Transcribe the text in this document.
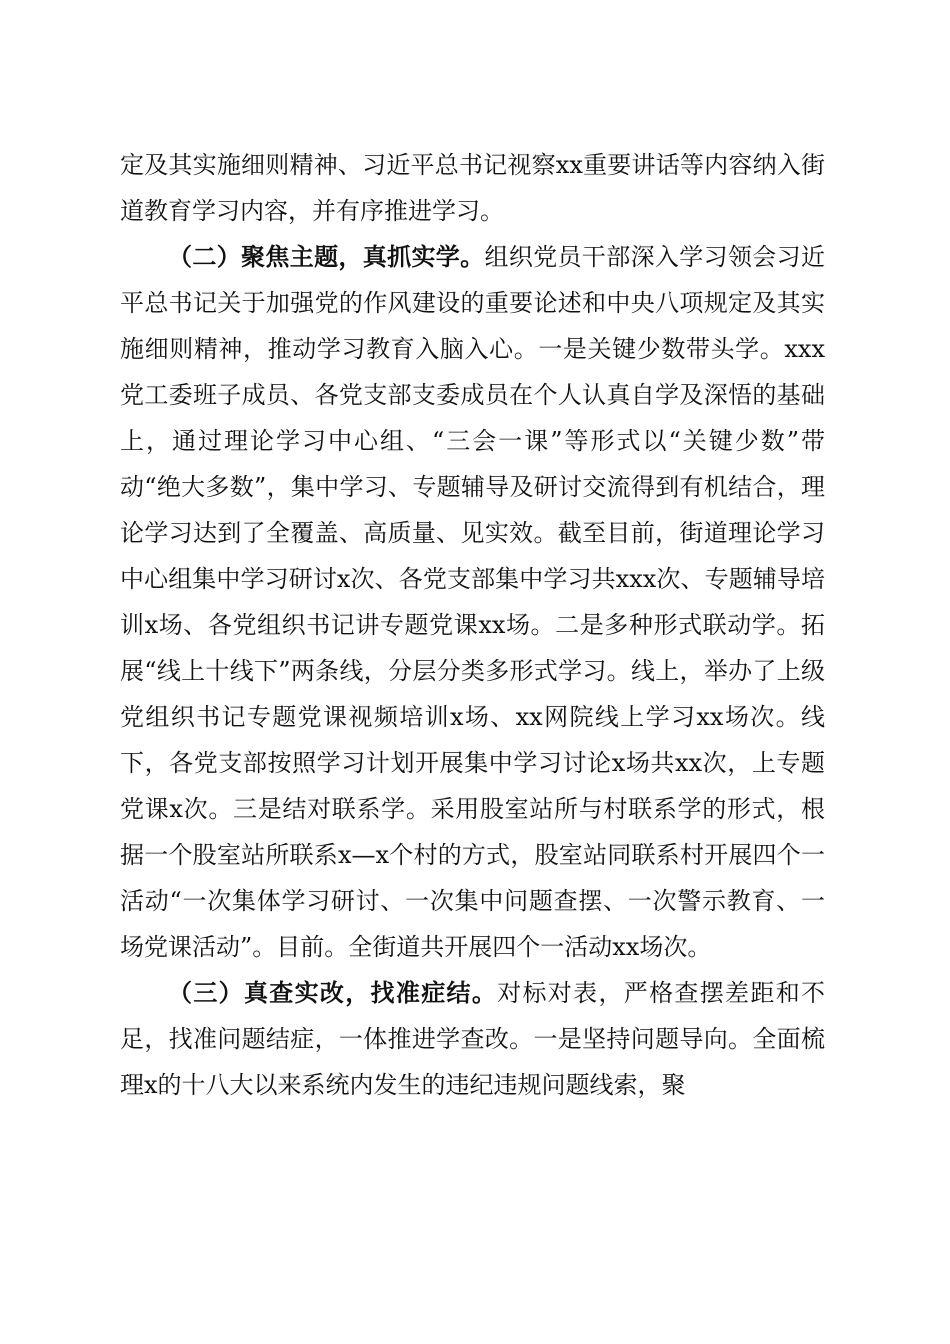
定及其实施细则精神、习近平总书记视察xx重要讲话等内容纳入街道教育学习内容，并有序推进学习。

（二）聚焦主题，真抓实学。组织党员干部深入学习领会习近平总书记关于加强党的作风建设的重要论述和中央八项规定及其实施细则精神，推动学习教育入脑入心。一是关键少数带头学。xxx党工委班子成员、各党支部支委成员在个人认真自学及深悟的基础上，通过理论学习中心组、“三会一课”等形式以“关键少数”带动“绝大多数”，集中学习、专题辅导及研讨交流得到有机结合，理论学习达到了全覆盖、高质量、见实效。截至目前，街道理论学习中心组集中学习研讨x次、各党支部集中学习共xxx次、专题辅导培训x场、各党组织书记讲专题党课xx场。二是多种形式联动学。拓展“线上十线下”两条线，分层分类多形式学习。线上，举办了上级党组织书记专题党课视频培训x场、xx网院线上学习xx场次。线下，各党支部按照学习计划开展集中学习讨论x场共xx次，上专题党课x次。三是结对联系学。采用股室站所与村联系学的形式，根据一个股室站所联系x—x个村的方式，股室站同联系村开展四个一活动“一次集体学习研讨、一次集中问题查摆、一次警示教育、一场党课活动”。目前。全街道共开展四个一活动xx场次。

（三）真查实改，找准症结。对标对表，严格查摆差距和不足，找准问题结症，一体推进学查改。一是坚持问题导向。全面梳理x的十八大以来系统内发生的违纪违规问题线索，聚
